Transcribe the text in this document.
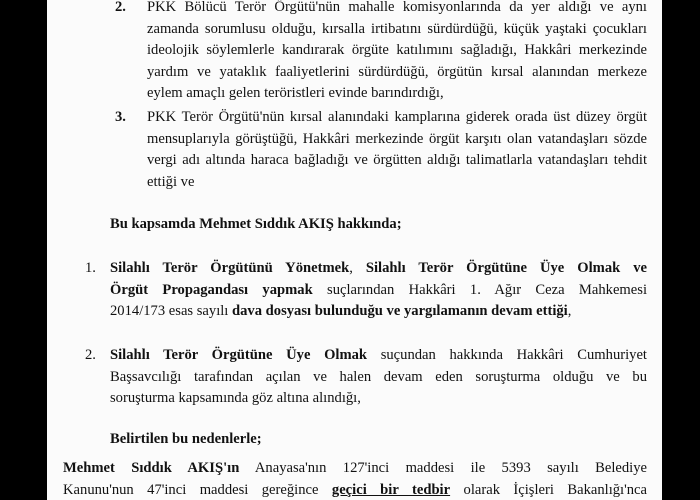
2. PKK Bölücü Terör Örgütü'nün mahalle komisyonlarında da yer aldığı ve aynı
zamanda sorumlusu olduğu, kırsalla irtibatını sürdürdüğü, küçük yaştaki çocukları
ideolojik söylemlerle kandırarak örgüte katılımını sağladığı, Hakkâri merkezinde
yardım ve yataklık faaliyetlerini sürdürdüğü, örgütün kırsal alanından merkeze
eylem amaçlı gelen teröristleri evinde barındırdığı,
3. PKK Terör Örgütü'nün kırsal alanındaki kamplarına giderek orada üst düzey örgüt
mensuplarıyla görüştüğü, Hakkâri merkezinde örgüt karşıtı olan vatandaşları sözde
vergi adı altında haraca bağladığı ve örgütten aldığı talimatlarla vatandaşları tehdit
ettiği ve
Bu kapsamda Mehmet Sıddık AKIŞ hakkında;
1. Silahlı Terör Örgütünü Yönetmek, Silahlı Terör Örgütüne Üye Olmak ve
Örgüt Propagandası yapmak suçlarından Hakkâri 1. Ağır Ceza Mahkemesi
2014/173 esas sayılı dava dosyası bulunduğu ve yargılamanın devam ettiği,
2. Silahlı Terör Örgütüne Üye Olmak suçundan hakkında Hakkâri Cumhuriyet
Başsavcılığı tarafından açılan ve halen devam eden soruşturma olduğu ve bu
soruşturma kapsamında göz altına alındığı,
Belirtilen bu nedenlerle;
Mehmet Sıddık AKIŞ'ın Anayasa'nın 127'inci maddesi ile 5393 sayılı Belediye
Kanunu'nun 47'inci maddesi gereğince geçici bir tedbir olarak İçişleri Bakanlığı'nca
